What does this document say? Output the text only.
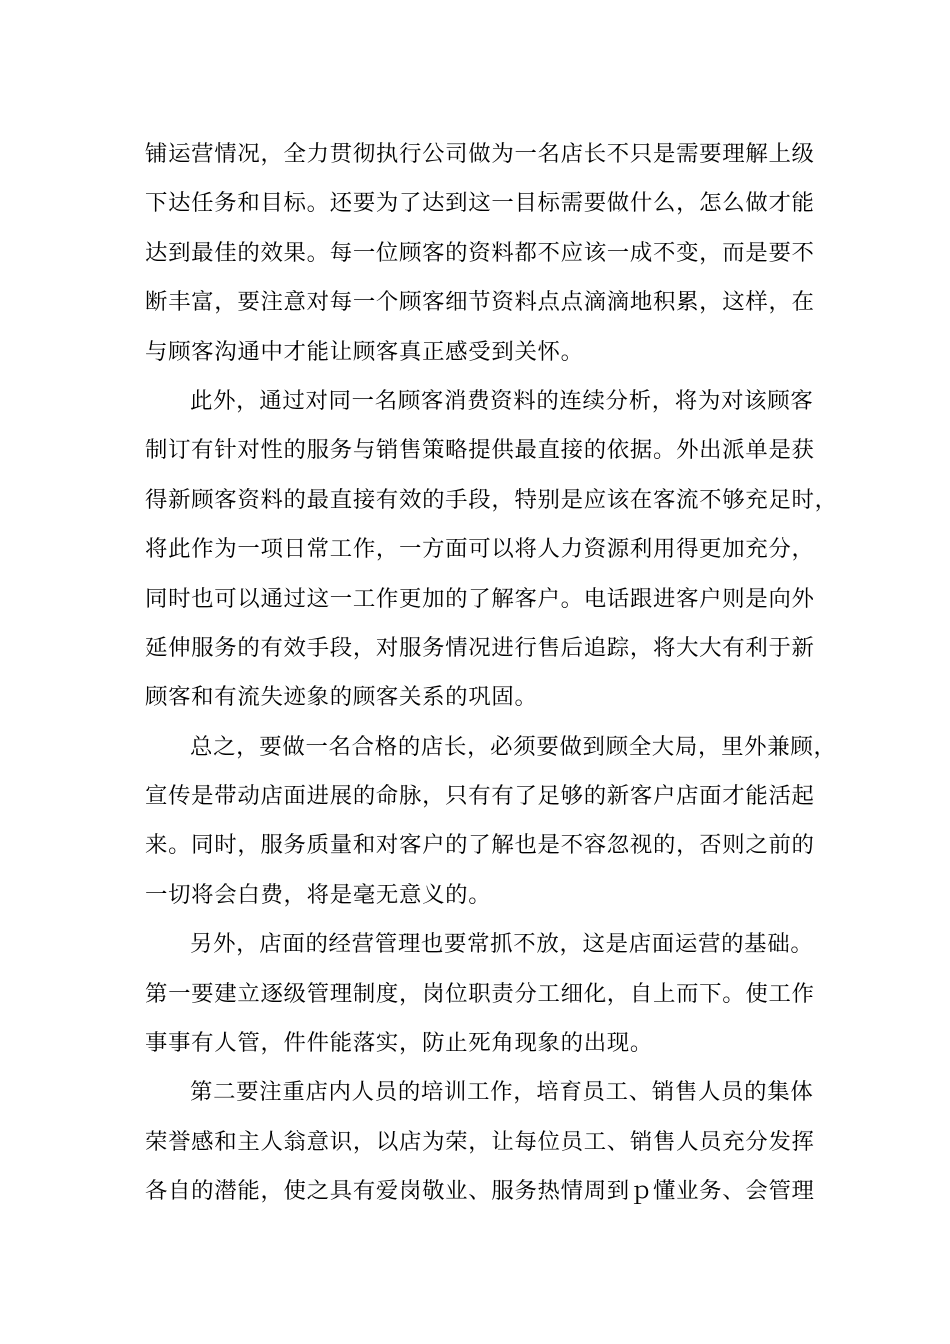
铺运营情况，全力贯彻执行公司做为一名店长不只是需要理解上级
下达任务和目标。还要为了达到这一目标需要做什么，怎么做才能
达到最佳的效果。每一位顾客的资料都不应该一成不变，而是要不
断丰富，要注意对每一个顾客细节资料点点滴滴地积累，这样，在
与顾客沟通中才能让顾客真正感受到关怀。
此外，通过对同一名顾客消费资料的连续分析，将为对该顾客
制订有针对性的服务与销售策略提供最直接的依据。外出派单是获
得新顾客资料的最直接有效的手段，特别是应该在客流不够充足时，
将此作为一项日常工作，一方面可以将人力资源利用得更加充分，
同时也可以通过这一工作更加的了解客户。电话跟进客户则是向外
延伸服务的有效手段，对服务情况进行售后追踪，将大大有利于新
顾客和有流失迹象的顾客关系的巩固。
总之，要做一名合格的店长，必须要做到顾全大局，里外兼顾，
宣传是带动店面进展的命脉，只有有了足够的新客户店面才能活起
来。同时，服务质量和对客户的了解也是不容忽视的，否则之前的
一切将会白费，将是毫无意义的。
另外，店面的经营管理也要常抓不放，这是店面运营的基础。
第一要建立逐级管理制度，岗位职责分工细化，自上而下。使工作
事事有人管，件件能落实，防止死角现象的出现。
第二要注重店内人员的培训工作，培育员工、销售人员的集体
荣誉感和主人翁意识，以店为荣，让每位员工、销售人员充分发挥
各自的潜能，使之具有爱岗敬业、服务热情周到ｐ懂业务、会管理
